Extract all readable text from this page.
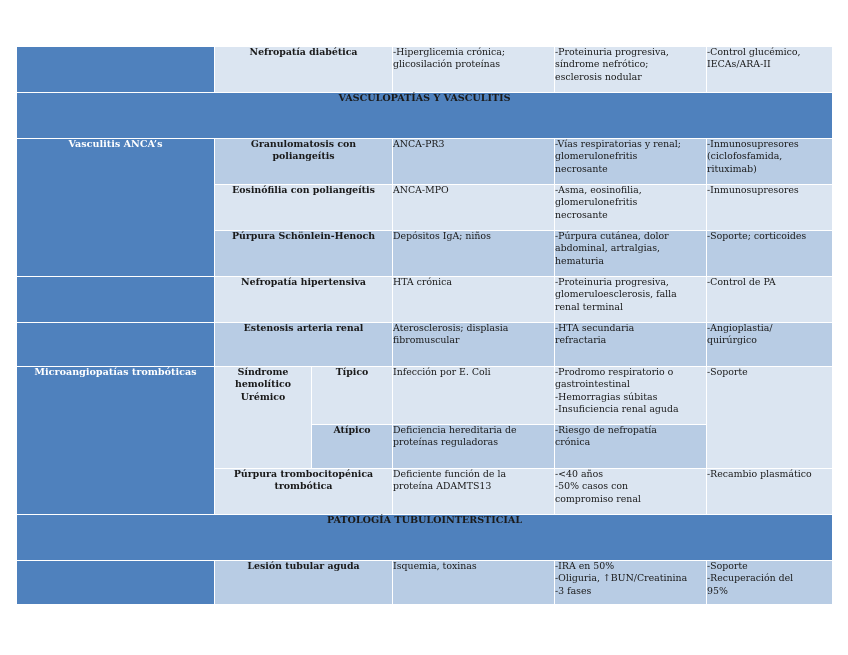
	Nefropatía diabética		-Hiperglicemia crónica;
glicosilación proteínas	-Proteinuria progresiva,
síndrome nefrótico;
esclerosis nodular	-Control glucémico,
IECAs/ARA-II

VASCULOPATÍAS Y VASCULITIS					
Vasculitis ANCA’s	Granulomatosis con
poliangeítis		ANCA-PR3	-Vías respiratorias y renal;
glomerulonefritis
necrosante	-Inmunosupresores
(ciclofosfamida,
rituximab)

	Eosinófilia con poliangeítis		ANCA-MPO	-Asma, eosinofilia,
glomerulonefritis
necrosante	-Inmunosupresores

	Púrpura Schönlein-Henoch		Depósitos IgA; niños	-Púrpura cutánea, dolor
abdominal, artralgias,
hematuria	-Soporte; corticoides

	Nefropatía hipertensiva		HTA crónica	-Proteinuria progresiva,
glomeruloesclerosis, falla
renal terminal	-Control de PA

	Estenosis arteria renal		Aterosclerosis; displasia
fibromuscular	-HTA secundaria
refractaria	-Angioplastia/
quirúrgico

Microangiopatías trombóticas	Síndrome
hemolítico
Urémico	Típico	Infección por E. Coli	-Prodromo respiratorio o
gastrointestinal
-Hemorragias súbitas
-Insuficiencia renal aguda	-Soporte

		Atípico	Deficiencia hereditaria de
proteínas reguladoras	-Riesgo de nefropatía
crónica	

	Púrpura trombocitopénica
trombótica		Deficiente función de la
proteína ADAMTS13	-<40 años
-50% casos con
compromiso renal	-Recambio plasmático

PATOLOGÍA TUBULOINTERSTICIAL					
	Lesión tubular aguda		Isquemia, toxinas	-IRA en 50%
-Oliguria, ↑BUN/Creatinina
-3 fases	-Soporte
-Recuperación del
95%
